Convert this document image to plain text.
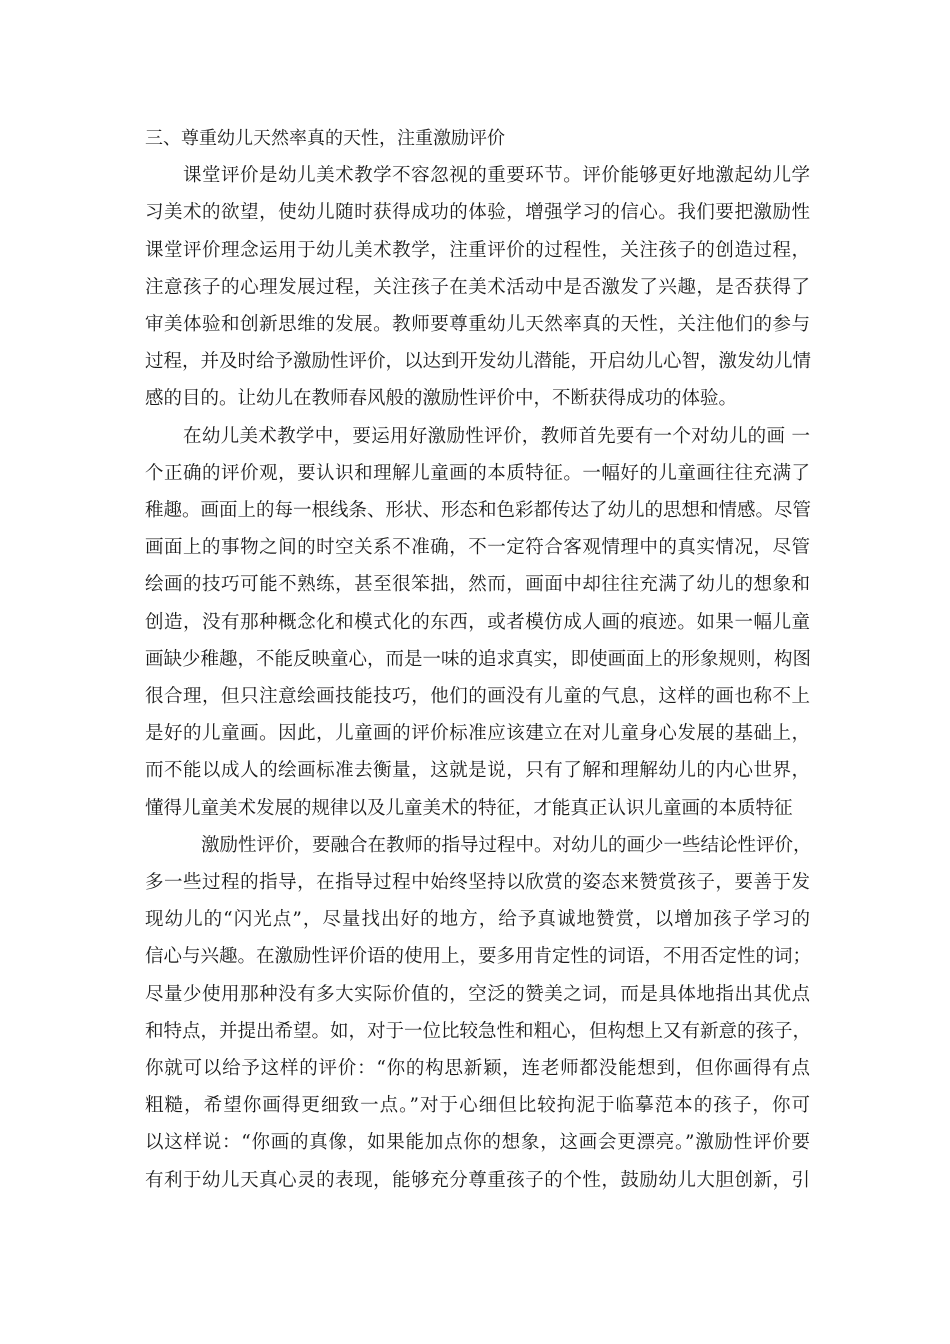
三、尊重幼儿天然率真的天性，注重激励评价

课堂评价是幼儿美术教学不容忽视的重要环节。评价能够更好地激起幼儿学
习美术的欲望，使幼儿随时获得成功的体验，增强学习的信心。我们要把激励性
课堂评价理念运用于幼儿美术教学，注重评价的过程性，关注孩子的创造过程，
注意孩子的心理发展过程，关注孩子在美术活动中是否激发了兴趣，是否获得了
审美体验和创新思维的发展。教师要尊重幼儿天然率真的天性，关注他们的参与
过程，并及时给予激励性评价，以达到开发幼儿潜能，开启幼儿心智，激发幼儿情
感的目的。让幼儿在教师春风般的激励性评价中，不断获得成功的体验。

在幼儿美术教学中，要运用好激励性评价，教师首先要有一个对幼儿的画 一
个正确的评价观，要认识和理解儿童画的本质特征。一幅好的儿童画往往充满了
稚趣。画面上的每一根线条、形状、形态和色彩都传达了幼儿的思想和情感。尽管
画面上的事物之间的时空关系不准确，不一定符合客观情理中的真实情况，尽管
绘画的技巧可能不熟练，甚至很笨拙，然而，画面中却往往充满了幼儿的想象和
创造，没有那种概念化和模式化的东西，或者模仿成人画的痕迹。如果一幅儿童
画缺少稚趣，不能反映童心，而是一味的追求真实，即使画面上的形象规则，构图
很合理，但只注意绘画技能技巧，他们的画没有儿童的气息，这样的画也称不上
是好的儿童画。因此，儿童画的评价标准应该建立在对儿童身心发展的基础上，
而不能以成人的绘画标准去衡量，这就是说，只有了解和理解幼儿的内心世界，
懂得儿童美术发展的规律以及儿童美术的特征，才能真正认识儿童画的本质特征

激励性评价，要融合在教师的指导过程中。对幼儿的画少一些结论性评价，
多一些过程的指导，在指导过程中始终坚持以欣赏的姿态来赞赏孩子，要善于发
现幼儿的“闪光点”，尽量找出好的地方，给予真诚地赞赏，以增加孩子学习的
信心与兴趣。在激励性评价语的使用上，要多用肯定性的词语，不用否定性的词；
尽量少使用那种没有多大实际价值的，空泛的赞美之词，而是具体地指出其优点
和特点，并提出希望。如，对于一位比较急性和粗心，但构想上又有新意的孩子，
你就可以给予这样的评价：“你的构思新颖，连老师都没能想到，但你画得有点
粗糙，希望你画得更细致一点。”对于心细但比较拘泥于临摹范本的孩子，你可
以这样说：“你画的真像，如果能加点你的想象，这画会更漂亮。”激励性评价要
有利于幼儿天真心灵的表现，能够充分尊重孩子的个性，鼓励幼儿大胆创新，引
